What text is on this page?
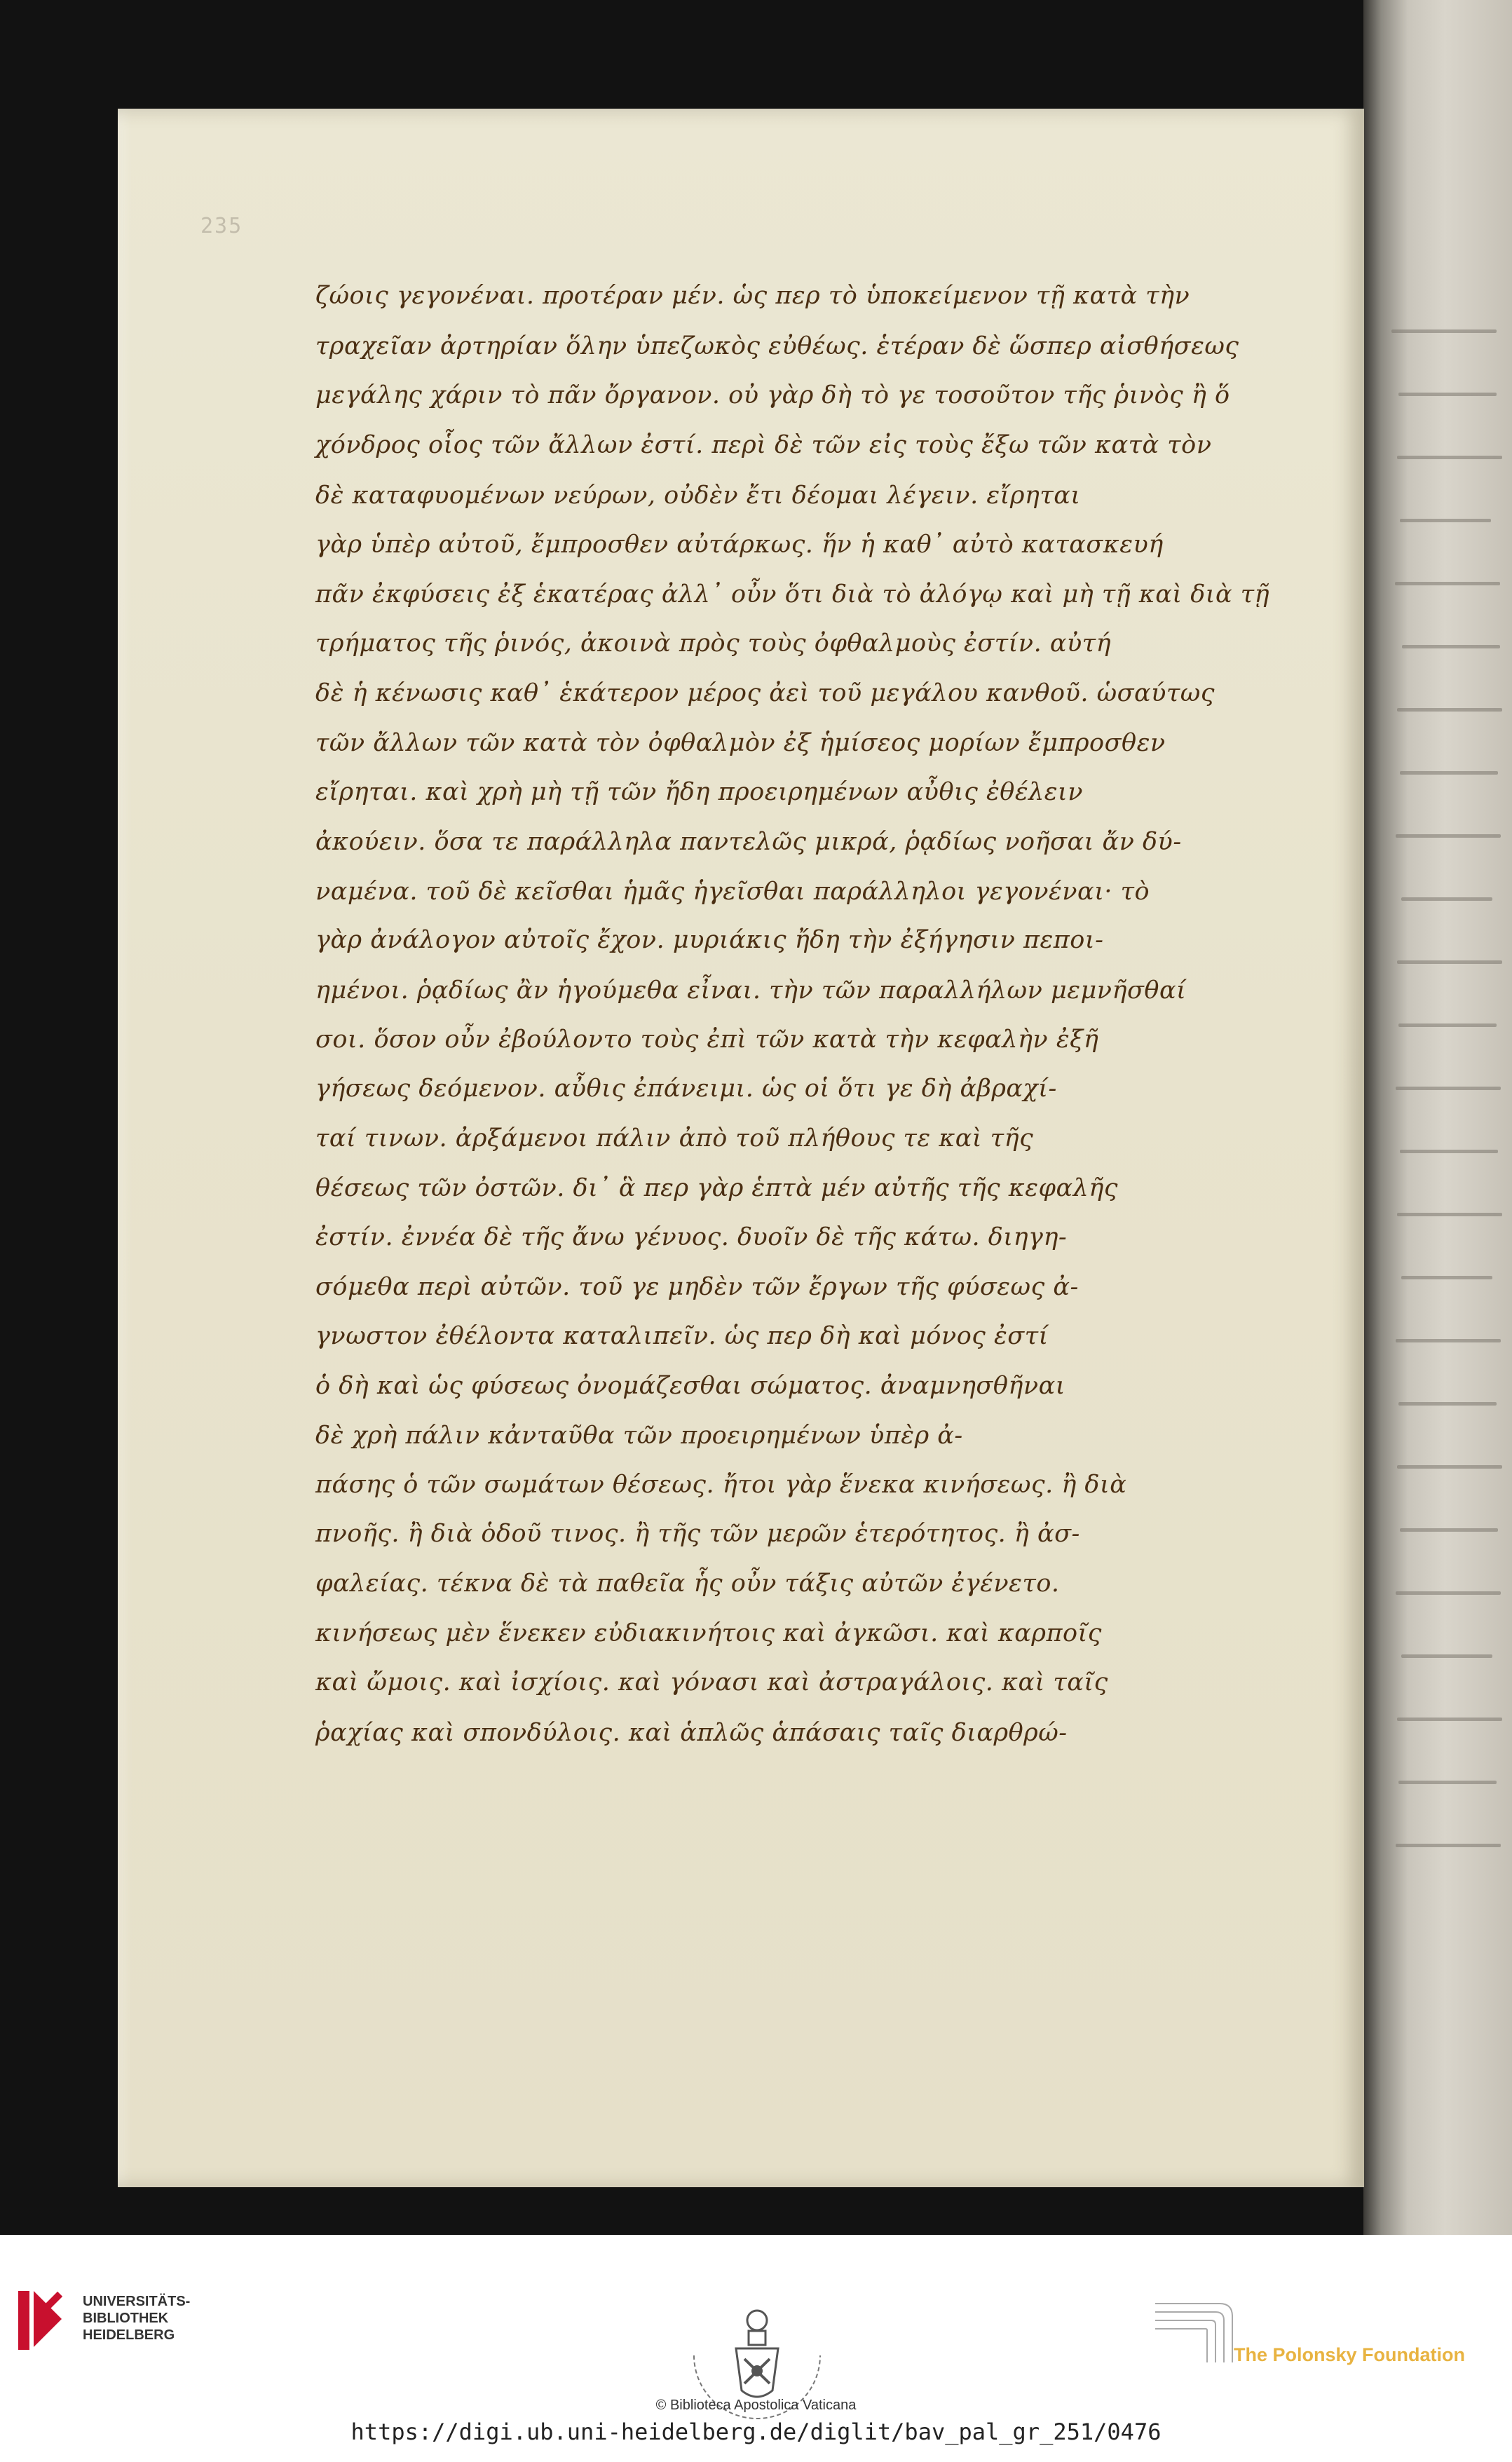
235
ζώοις γεγονέναι. προτέραν μέν. ὡς περ τὸ ὑποκείμενον τῇ κατὰ τὴν
τραχεῖαν ἀρτηρίαν ὅλην ὑπεζωκὸς εὐθέως. ἑτέραν δὲ ὥσπερ αἰσθήσεως
μεγάλης χάριν τὸ πᾶν ὄργανον. οὐ γὰρ δὴ τὸ γε τοσοῦτον τῆς ῥινὸς ἢ ὅ
χόνδρος οἷος τῶν ἄλλων ἐστί. περὶ δὲ τῶν εἰς τοὺς ἔξω τῶν κατὰ τὸν
δὲ καταφυομένων νεύρων, οὐδὲν ἔτι δέομαι λέγειν. εἴρηται
γὰρ ὑπὲρ αὐτοῦ, ἔμπροσθεν αὐτάρκως. ἥν ἡ καθ᾽ αὐτὸ κατασκευή
πᾶν ἐκφύσεις ἐξ ἑκατέρας ἀλλ᾽ οὖν ὅτι διὰ τὸ ἀλόγῳ καὶ μὴ τῇ καὶ διὰ τῇ
τρήματος τῆς ῥινός, ἀκοινὰ πρὸς τοὺς ὀφθαλμοὺς ἐστίν. αὐτή
δὲ ἡ κένωσις καθ᾽ ἑκάτερον μέρος ἀεὶ τοῦ μεγάλου κανθοῦ. ὡσαύτως
τῶν ἄλλων τῶν κατὰ τὸν ὀφθαλμὸν ἐξ ἡμίσεος μορίων ἔμπροσθεν
εἴρηται. καὶ χρὴ μὴ τῇ τῶν ἤδη προειρημένων αὖθις ἐθέλειν
ἀκούειν. ὅσα τε παράλληλα παντελῶς μικρά, ῥᾳδίως νοῆσαι ἄν δύ-
ναμένα. τοῦ δὲ κεῖσθαι ἡμᾶς ἡγεῖσθαι παράλληλοι γεγονέναι· τὸ
γὰρ ἀνάλογον αὐτοῖς ἔχον. μυριάκις ἤδη τὴν ἐξήγησιν πεποι-
ημένοι. ῥᾳδίως ἂν ἡγούμεθα εἶναι. τὴν τῶν παραλλήλων μεμνῆσθαί
σοι. ὅσον οὖν ἐβούλοντο τοὺς ἐπὶ τῶν κατὰ τὴν κεφαλὴν ἐξῆ
γήσεως δεόμενον. αὖθις ἐπάνειμι. ὡς οἱ ὅτι γε δὴ ἀβραχί-
ταί τινων. ἀρξάμενοι πάλιν ἀπὸ τοῦ πλήθους τε καὶ τῆς
θέσεως τῶν ὀστῶν. δι᾽ ἃ περ γὰρ ἑπτὰ μέν αὐτῆς τῆς κεφαλῆς
ἐστίν. ἐννέα δὲ τῆς ἄνω γένυος. δυοῖν δὲ τῆς κάτω. διηγη-
σόμεθα περὶ αὐτῶν. τοῦ γε μηδὲν τῶν ἔργων τῆς φύσεως ἀ-
γνωστον ἐθέλοντα καταλιπεῖν. ὡς περ δὴ καὶ μόνος ἐστί
ὁ δὴ καὶ ὡς φύσεως ὀνομάζεσθαι σώματος. ἀναμνησθῆναι
δὲ χρὴ πάλιν κἀνταῦθα τῶν προειρημένων ὑπὲρ ἀ-
πάσης ὁ τῶν σωμάτων θέσεως. ἤτοι γὰρ ἕνεκα κινήσεως. ἢ διὰ
πνοῆς. ἢ διὰ ὁδοῦ τινος. ἢ τῆς τῶν μερῶν ἑτερότητος. ἢ ἀσ-
φαλείας. τέκνα δὲ τὰ παθεῖα ἧς οὖν τάξις αὐτῶν ἐγένετο.
κινήσεως μὲν ἕνεκεν εὐδιακινήτοις καὶ ἀγκῶσι. καὶ καρποῖς
καὶ ὤμοις. καὶ ἰσχίοις. καὶ γόνασι καὶ ἀστραγάλοις. καὶ ταῖς
ῥαχίας καὶ σπονδύλοις. καὶ ἁπλῶς ἁπάσαις ταῖς διαρθρώ-
UNIVERSITÄTS-
BIBLIOTHEK
HEIDELBERG
© Biblioteca Apostolica Vaticana
https://digi.ub.uni-heidelberg.de/diglit/bav_pal_gr_251/0476
The Polonsky Foundation
